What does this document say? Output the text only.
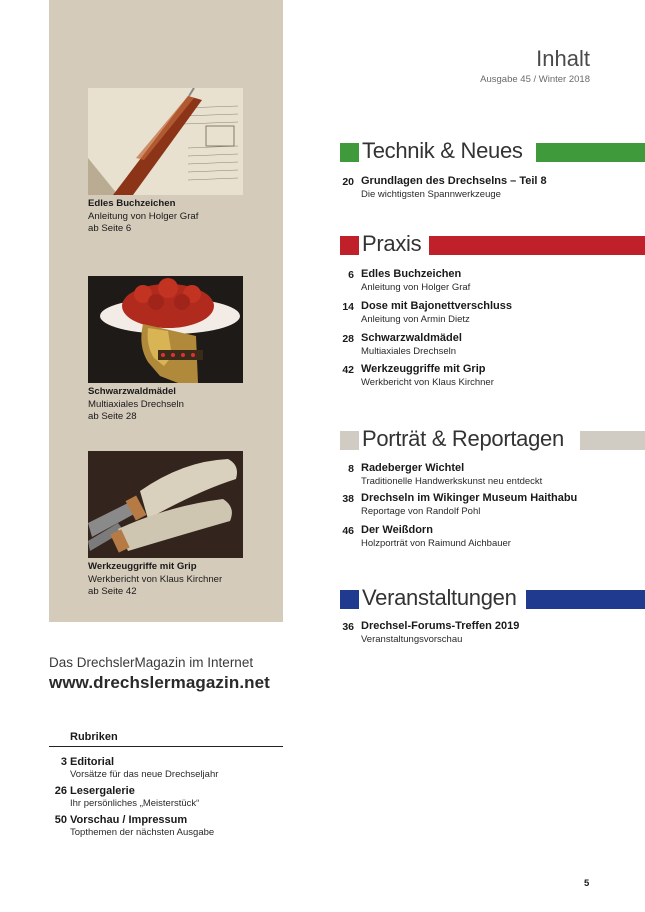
Edles Buchzeichen
Anleitung von Holger Graf
ab Seite 6
Schwarzwaldmädel
Multiaxiales Drechseln
ab Seite 28
Werkzeuggriffe mit Grip
Werkbericht von Klaus Kirchner
ab Seite 42
Das DrechslerMagazin im Internet
www.drechslermagazin.net
Rubriken
3 Editorial
Vorsätze für das neue Drechseljahr
26 Lesergalerie
Ihr persönliches „Meisterstück“
50 Vorschau / Impressum
Topthemen der nächsten Ausgabe
Inhalt
Ausgabe 45 / Winter 2018
Technik & Neues
20 Grundlagen des Drechselns – Teil 8
Die wichtigsten Spannwerkzeuge
Praxis
6 Edles Buchzeichen
Anleitung von Holger Graf
14 Dose mit Bajonettverschluss
Anleitung von Armin Dietz
28 Schwarzwaldmädel
Multiaxiales Drechseln
42 Werkzeuggriffe mit Grip
Werkbericht von Klaus Kirchner
Porträt & Reportagen
8 Radeberger Wichtel
Traditionelle Handwerkskunst neu entdeckt
38 Drechseln im Wikinger Museum Haithabu
Reportage von Randolf Pohl
46 Der Weißdorn
Holzporträt von Raimund Aichbauer
Veranstaltungen
36 Drechsel-Forums-Treffen 2019
Veranstaltungsvorschau
5
